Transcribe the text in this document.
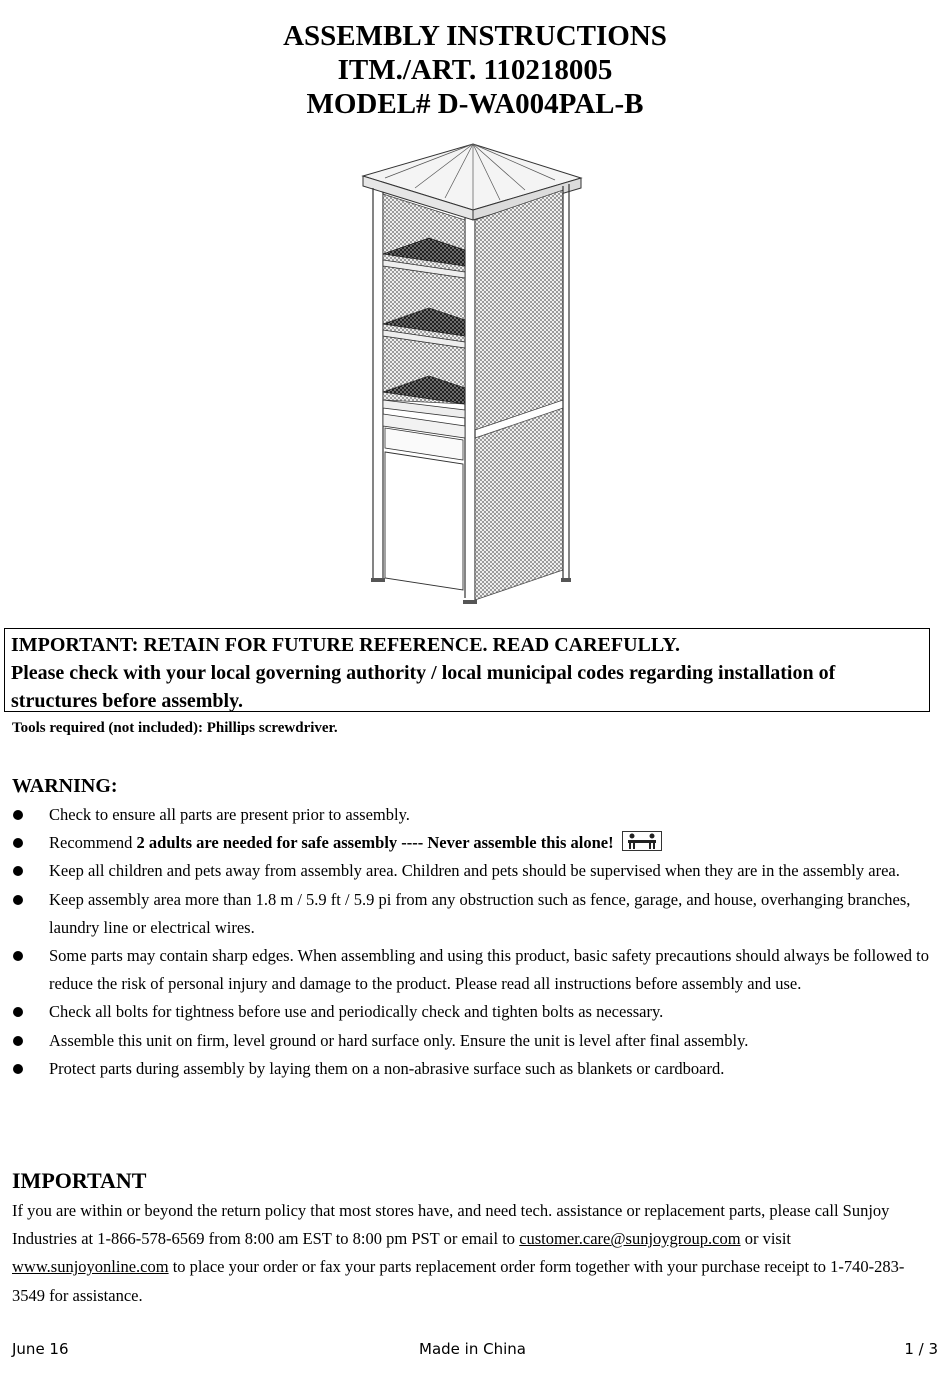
ASSEMBLY INSTRUCTIONS
ITM./ART. 110218005
MODEL# D-WA004PAL-B
IMPORTANT: RETAIN FOR FUTURE REFERENCE. READ CAREFULLY.
Please check with your local governing authority / local municipal codes regarding installation of
structures before assembly.
Tools required (not included): Phillips screwdriver.
WARNING:
Check to ensure all parts are present prior to assembly.
Recommend 2 adults are needed for safe assembly ---- Never assemble this alone!
Keep all children and pets away from assembly area. Children and pets should be supervised when they are in the assembly area.
Keep assembly area more than 1.8 m / 5.9 ft / 5.9 pi from any obstruction such as fence, garage, and house, overhanging branches, laundry line or electrical wires.
Some parts may contain sharp edges. When assembling and using this product, basic safety precautions should always be followed to reduce the risk of personal injury and damage to the product. Please read all instructions before assembly and use.
Check all bolts for tightness before use and periodically check and tighten bolts as necessary.
Assemble this unit on firm, level ground or hard surface only. Ensure the unit is level after final assembly.
Protect parts during assembly by laying them on a non-abrasive surface such as blankets or cardboard.
IMPORTANT
If you are within or beyond the return policy that most stores have, and need tech. assistance or replacement parts, please call Sunjoy Industries at 1-866-578-6569 from 8:00 am EST to 8:00 pm PST or email to customer.care@sunjoygroup.com or visit www.sunjoyonline.com to place your order or fax your parts replacement order form together with your purchase receipt to 1-740-283-3549 for assistance.
June 16	Made in China	1 / 3
